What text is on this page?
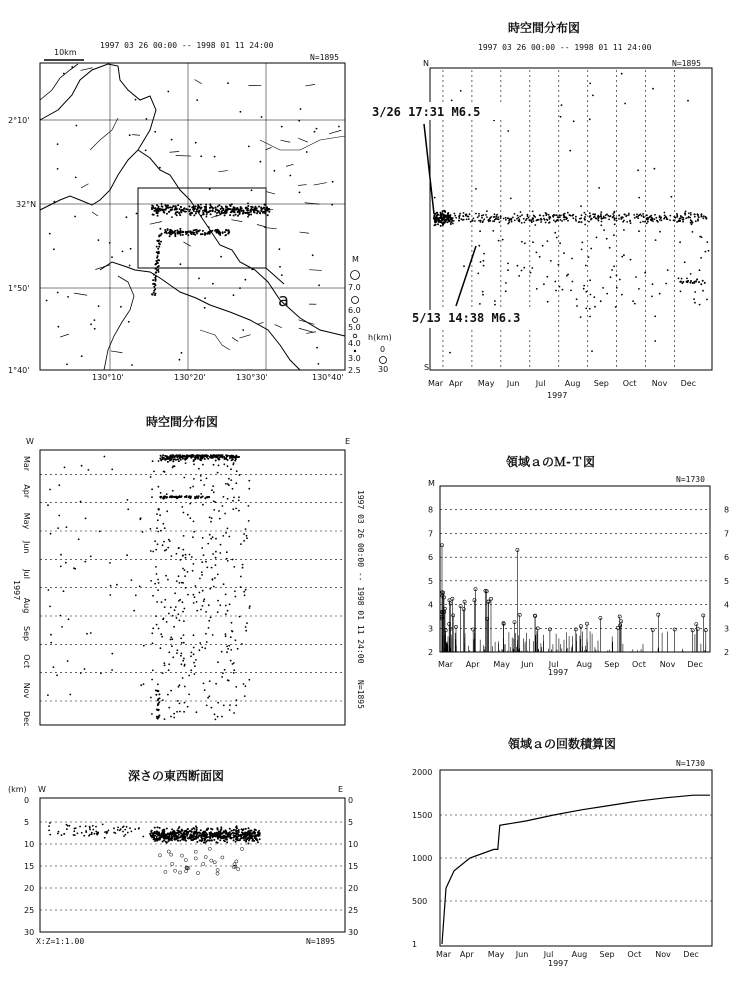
1997 03 26 00:00 -- 1998 01 11 24:00
N=1895
10km
a
2°10'
32°N
1°50'
1°40'
130°10'	130°20'	130°30'	130°40'
M
7.0
6.0
5.0
4.0
3.0
2.5
h(km)
0
30
時空間分布図
1997 03 26 00:00 -- 1998 01 11 24:00
N=1895
N
S
3/26 17:31 M6.5
5/13 14:38 M6.3
Mar Apr May Jun Jul Aug Sep Oct Nov Dec
1997
時空間分布図
W	E
Mar
Apr
May
Jun
Jul
Aug
Sep
Oct
Nov
Dec
1997	1997 03 26 00:00 -- 1998 01 11 24:00
N=1895
領域ａのＭ-Ｔ図
N=1730
M
2
3
4
5
6
7
8
2
3
4
5
6
7
8
Mar Apr May Jun Jul Aug Sep Oct Nov Dec
1997
深さの東西断面図
(km) W	E
0	0
5	5
10	10
15	15
20	20
25	25
30	30
X:Z=1:1.00	N=1895
領域ａの回数積算図
N=1730
2000
1500
1000
500
1
Mar Apr May Jun Jul Aug Sep Oct Nov Dec
1997
